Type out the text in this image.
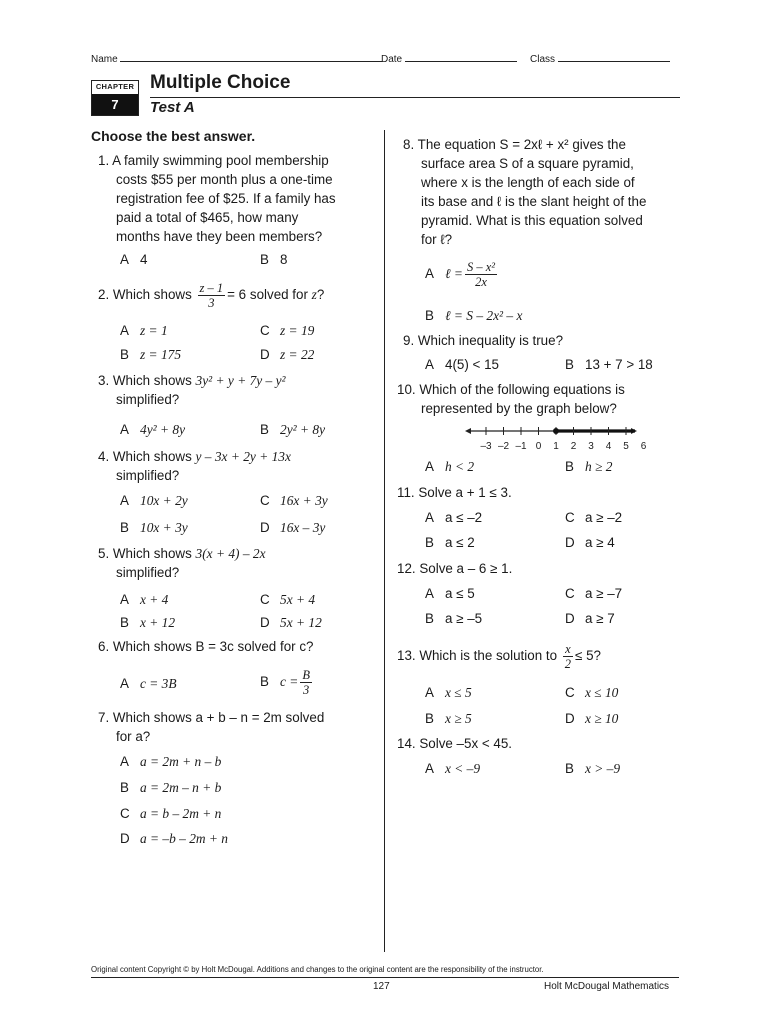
Name	Date	Class
CHAPTER
7
Multiple Choice
Test A
Choose the best answer.
1. A family swimming pool membership
costs $55 per month plus a one-time
registration fee of $25. If a family has
paid a total of $465, how many
months have they been members?
A 4	B 8
2. Which shows $\frac{z - 1}{3} = 6$ solved for z?
A z = 1	C z = 19
B z = 175	D z = 22
3. Which shows 3y² + y + 7y – y²
simplified?
A 4y² + 8y	B 2y² + 8y
4. Which shows y – 3x + 2y + 13x
simplified?
A 10x + 2y	C 16x + 3y
B 10x + 3y	D 16x – 3y
5. Which shows 3(x + 4) – 2x
simplified?
A x + 4	C 5x + 4
B x + 12	D 5x + 12
6. Which shows B = 3c solved for c?
A c = 3B	B $c = \frac{B}{3}$
7. Which shows a + b – n = 2m solved
for a?
A a = 2m + n – b
B a = 2m – n + b
C a = b – 2m + n
D a = –b – 2m + n
8. The equation S = 2xℓ + x² gives the
surface area S of a square pyramid,
where x is the length of each side of
its base and ℓ is the slant height of the
pyramid. What is this equation solved
for ℓ?
A ℓ = $\frac{\text{S – x²}}{2x}$
B ℓ = S – 2x² – x
9. Which inequality is true?
A 4(5) < 15	B 13 + 7 > 18
10. Which of the following equations is
represented by the graph below?
–3 –2 –1 0 1 2 3 4 5 6
A h < 2	B h ≥ 2
11. Solve a + 1 ≤ 3.
A a ≤ –2	C a ≥ –2
B a ≤ 2	D a ≥ 4
12. Solve a – 6 ≥ 1.
A a ≤ 5	C a ≥ –7
B a ≥ –5	D a ≥ 7
13. Which is the solution to $\frac{x}{2} \le 5$?
A x ≤ 5	C x ≤ 10
B x ≥ 5	D x ≥ 10
14. Solve –5x < 45.
A x < –9	B x > –9
Original content Copyright © by Holt McDougal. Additions and changes to the original content are the responsibility of the instructor.
127	Holt McDougal Mathematics
